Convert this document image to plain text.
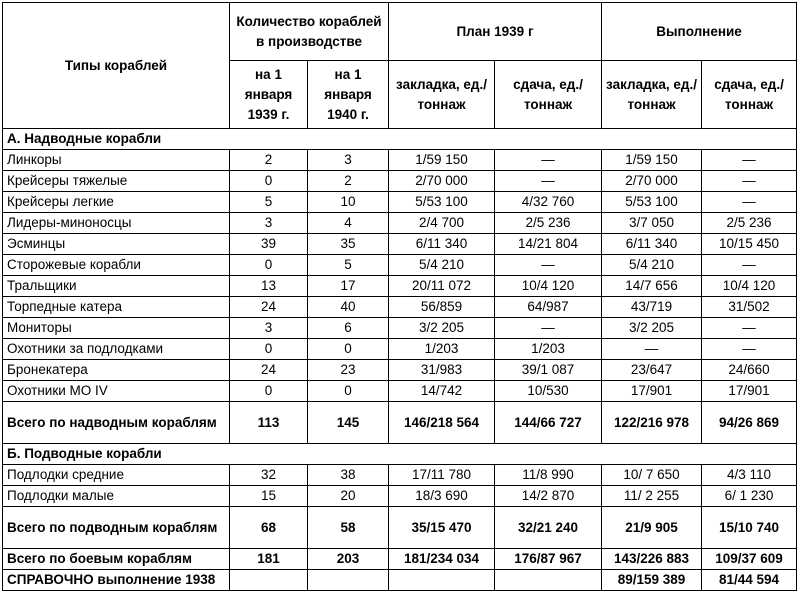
Типы кораблей	Количество кораблей в производстве		План 1939 г		Выполнение	
	на 1 января 1939 г.	на 1 января 1940 г.	закладка, ед./тоннаж	сдача, ед./тоннаж	закладка, ед./тоннаж	сдача, ед./тоннаж
А. Надводные корабли						
Линкоры	2	3	1/59 150	—	1/59 150	—
Крейсеры тяжелые	0	2	2/70 000	—	2/70 000	—
Крейсеры легкие	5	10	5/53 100	4/32 760	5/53 100	—
Лидеры-миноносцы	3	4	2/4 700	2/5 236	3/7 050	2/5 236
Эсминцы	39	35	6/11 340	14/21 804	6/11 340	10/15 450
Сторожевые корабли	0	5	5/4 210	—	5/4 210	—
Тральщики	13	17	20/11 072	10/4 120	14/7 656	10/4 120
Торпедные катера	24	40	56/859	64/987	43/719	31/502
Мониторы	3	6	3/2 205	—	3/2 205	—
Охотники за подлодками	0	0	1/203	1/203	—	—
Бронекатера	24	23	31/983	39/1 087	23/647	24/660
Охотники МО IV	0	0	14/742	10/530	17/901	17/901
Всего по надводным кораблям	113	145	146/218 564	144/66 727	122/216 978	94/26 869
Б. Подводные корабли						
Подлодки средние	32	38	17/11 780	11/8 990	10/ 7 650	4/3 110
Подлодки малые	15	20	18/3 690	14/2 870	11/ 2 255	6/ 1 230
Всего по подводным кораблям	68	58	35/15 470	32/21 240	21/9 905	15/10 740
Всего по боевым кораблям	181	203	181/234 034	176/87 967	143/226 883	109/37 609
СПРАВОЧНО выполнение 1938					89/159 389	81/44 594
